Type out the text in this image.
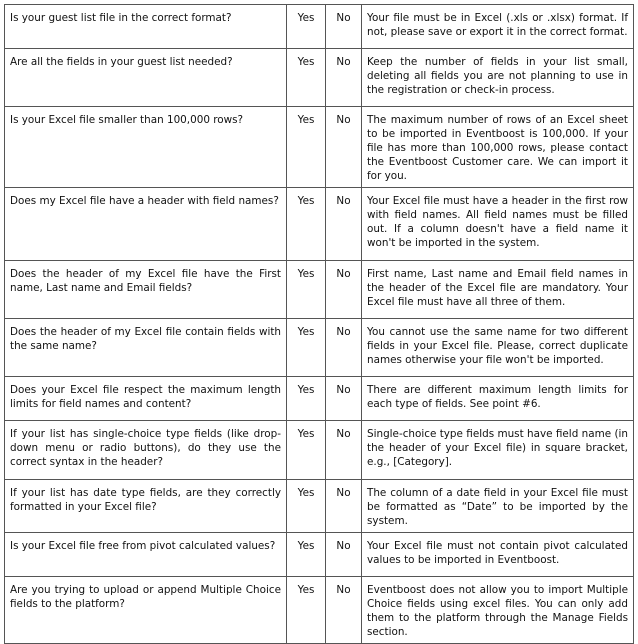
Is your guest list file in the correct format?	Yes	No	Your file must be in Excel (.xls or .xlsx) format. If not, please save or export it in the correct format.
Are all the fields in your guest list needed?	Yes	No	Keep the number of fields in your list small, deleting all fields you are not planning to use in the registration or check-in process.
Is your Excel file smaller than 100,000 rows?	Yes	No	The maximum number of rows of an Excel sheet to be imported in Eventboost is 100,000. If your file has more than 100,000 rows, please contact the Eventboost Customer care. We can import it for you.
Does my Excel file have a header with field names?	Yes	No	Your Excel file must have a header in the first row with field names. All field names must be filled out. If a column doesn't have a field name it won't be imported in the system.
Does the header of my Excel file have the First name, Last name and Email fields?	Yes	No	First name, Last name and Email field names in the header of the Excel file are mandatory. Your Excel file must have all three of them.
Does the header of my Excel file contain fields with the same name?	Yes	No	You cannot use the same name for two different fields in your Excel file. Please, correct duplicate names otherwise your file won't be imported.
Does your Excel file respect the maximum length limits for field names and content?	Yes	No	There are different maximum length limits for each type of fields. See point #6.
If your list has single-choice type fields (like drop-down menu or radio buttons), do they use the correct syntax in the header?	Yes	No	Single-choice type fields must have field name (in the header of your Excel file) in square bracket, e.g., [Category].
If your list has date type fields, are they correctly formatted in your Excel file?	Yes	No	The column of a date field in your Excel file must be formatted as “Date” to be imported by the system.
Is your Excel file free from pivot calculated values?	Yes	No	Your Excel file must not contain pivot calculated values to be imported in Eventboost.
Are you trying to upload or append Multiple Choice fields to the platform?	Yes	No	Eventboost does not allow you to import Multiple Choice fields using excel files. You can only add them to the platform through the Manage Fields section.
